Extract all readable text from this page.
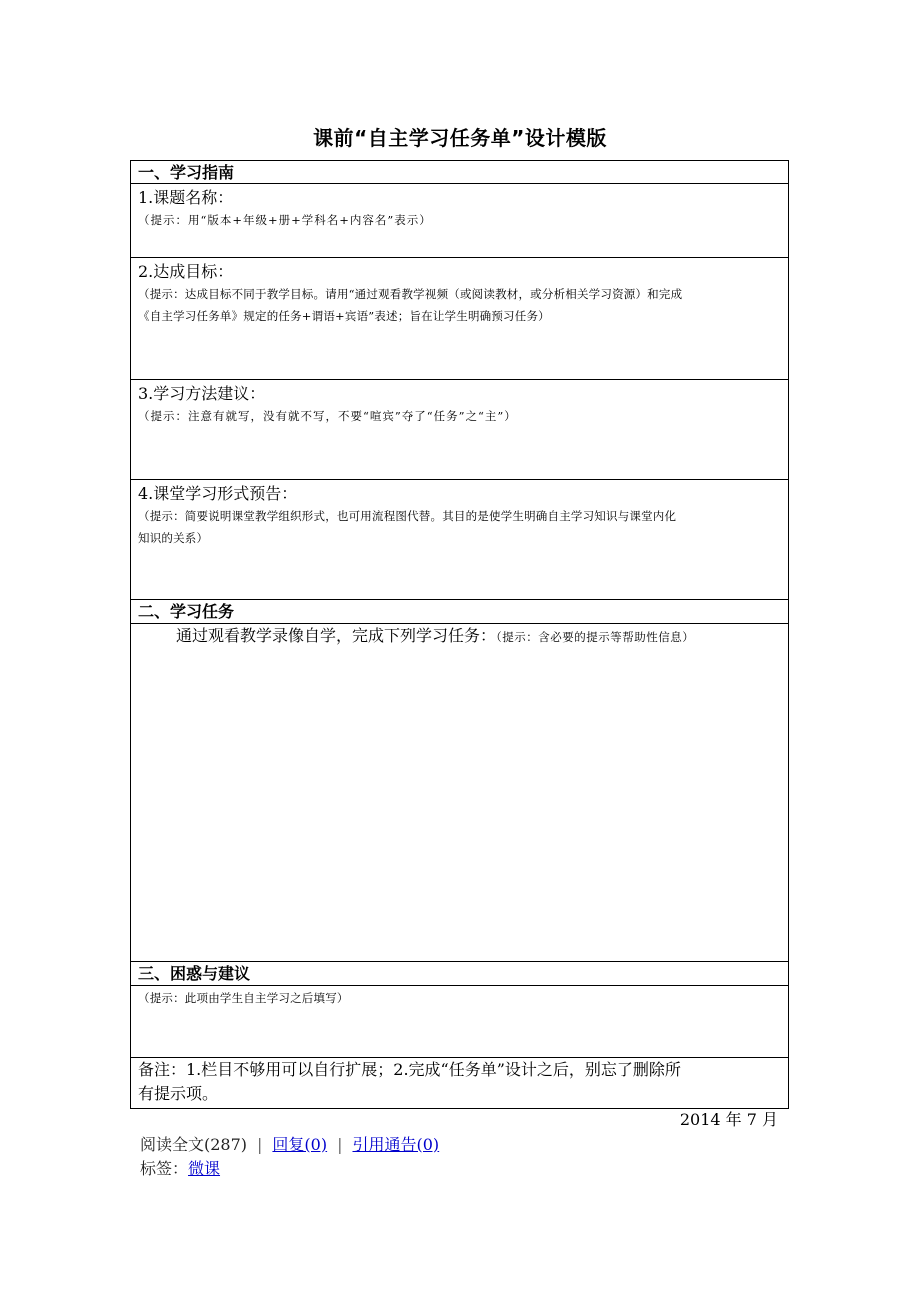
课前“自主学习任务单”设计模版
一、学习指南
1.课题名称：
（提示：用“版本+年级+册+学科名+内容名”表示）
2.达成目标：
（提示：达成目标不同于教学目标。请用“通过观看教学视频（或阅读教材，或分析相关学习资源）和完成
《自主学习任务单》规定的任务+谓语+宾语”表述；旨在让学生明确预习任务）
3.学习方法建议：
（提示：注意有就写，没有就不写，不要“喧宾”夺了“任务”之“主”）
4.课堂学习形式预告：
（提示：简要说明课堂教学组织形式，也可用流程图代替。其目的是使学生明确自主学习知识与课堂内化
知识的关系）
二、学习任务
通过观看教学录像自学，完成下列学习任务：（提示：含必要的提示等帮助性信息）
三、困惑与建议
（提示：此项由学生自主学习之后填写）
备注：1.栏目不够用可以自行扩展；2.完成“任务单”设计之后，别忘了删除所
有提示项。
2014 年 7 月
阅读全文(287) | 回复(0) | 引用通告(0)
标签：微课
